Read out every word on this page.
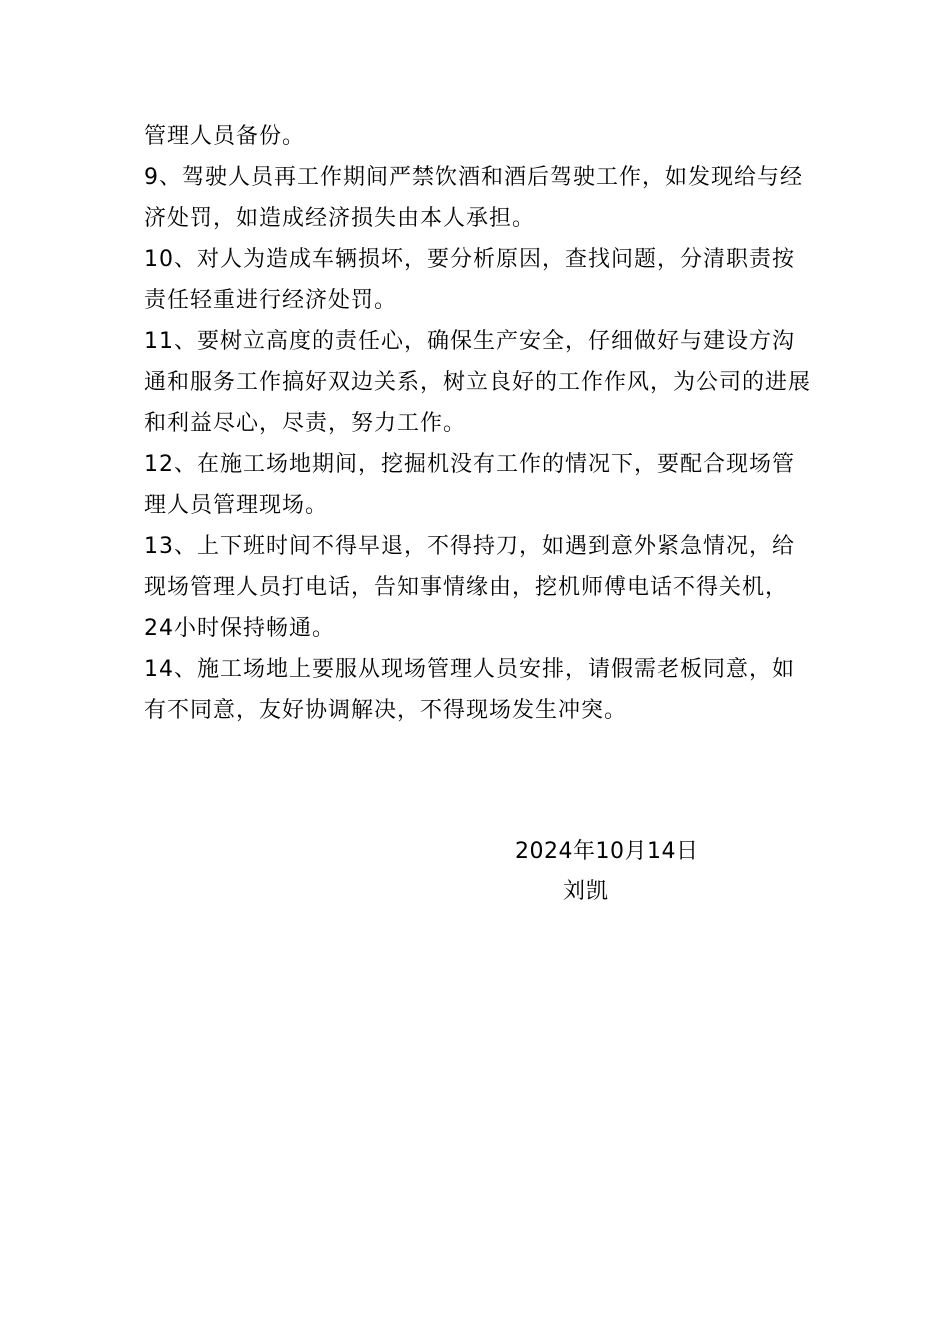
管理人员备份。

9、驾驶人员再工作期间严禁饮酒和酒后驾驶工作，如发现给与经济处罚，如造成经济损失由本人承担。

10、对人为造成车辆损坏，要分析原因，查找问题，分清职责按责任轻重进行经济处罚。

11、要树立高度的责任心，确保生产安全，仔细做好与建设方沟通和服务工作搞好双边关系，树立良好的工作作风，为公司的进展和利益尽心，尽责，努力工作。

12、在施工场地期间，挖掘机没有工作的情况下，要配合现场管理人员管理现场。

13、上下班时间不得早退，不得持刀，如遇到意外紧急情况，给现场管理人员打电话，告知事情缘由，挖机师傅电话不得关机，24小时保持畅通。

14、施工场地上要服从现场管理人员安排，请假需老板同意，如有不同意，友好协调解决，不得现场发生冲突。

2024年10月14日
刘凯
